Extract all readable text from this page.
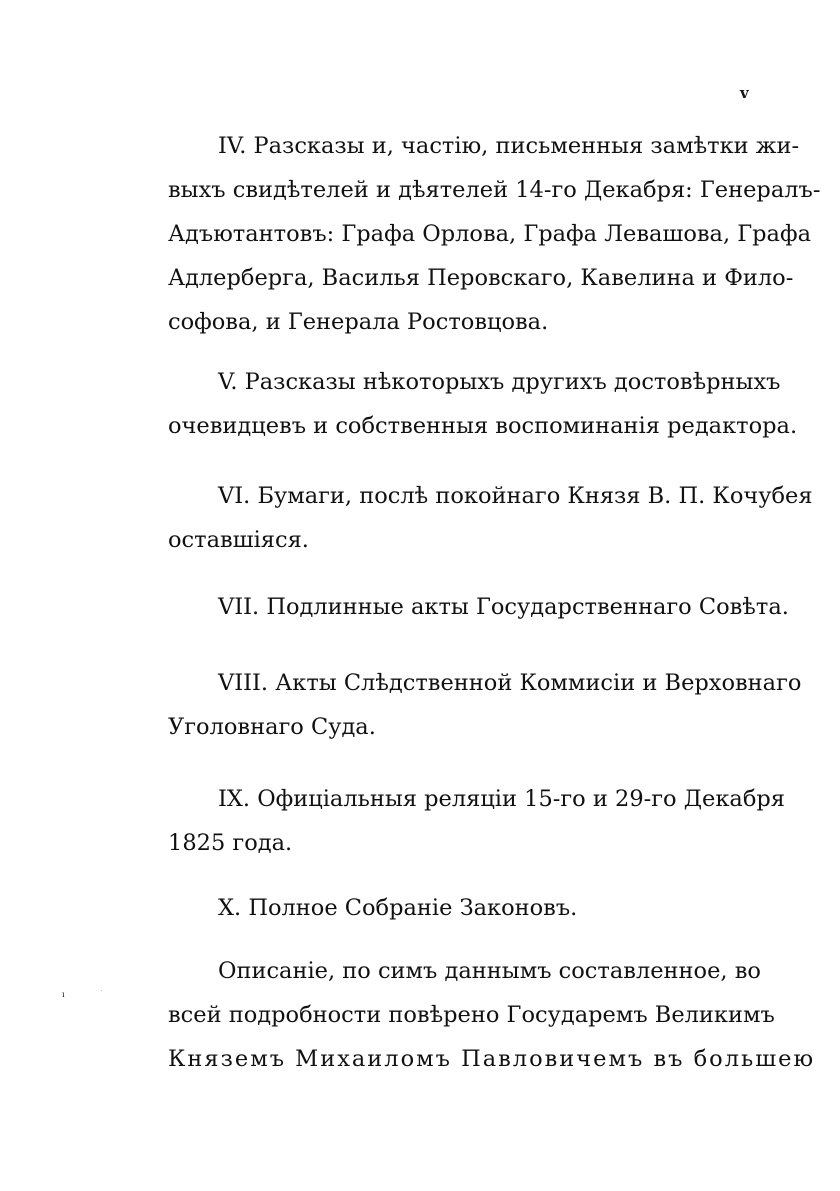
v
ı	·
IV. Разсказы и, частію, письменныя замѣтки жи-
выхъ свидѣтелей и дѣятелей 14-го Декабря: Генералъ-
Адъютантовъ: Графа Орлова, Графа Левашова, Графа
Адлерберга, Василья Перовскаго, Кавелина и Фило-
софова, и Генерала Ростовцова.
V. Разсказы нѣкоторыхъ другихъ достовѣрныхъ
очевидцевъ и собственныя воспоминанія редактора.
VI. Бумаги, послѣ покойнаго Князя В. П. Кочубея
оставшіяся.
VII. Подлинные акты Государственнаго Совѣта.
VIII. Акты Слѣдственной Коммисіи и Верховнаго
Уголовнаго Суда.
IX. Офиціальныя реляціи 15-го и 29-го Декабря
1825 года.
X. Полное Собраніе Законовъ.
Описаніе, по симъ даннымъ составленное, во
всей подробности повѣрено Государемъ Великимъ
Княземъ Михаиломъ Павловичемъ въ большею
